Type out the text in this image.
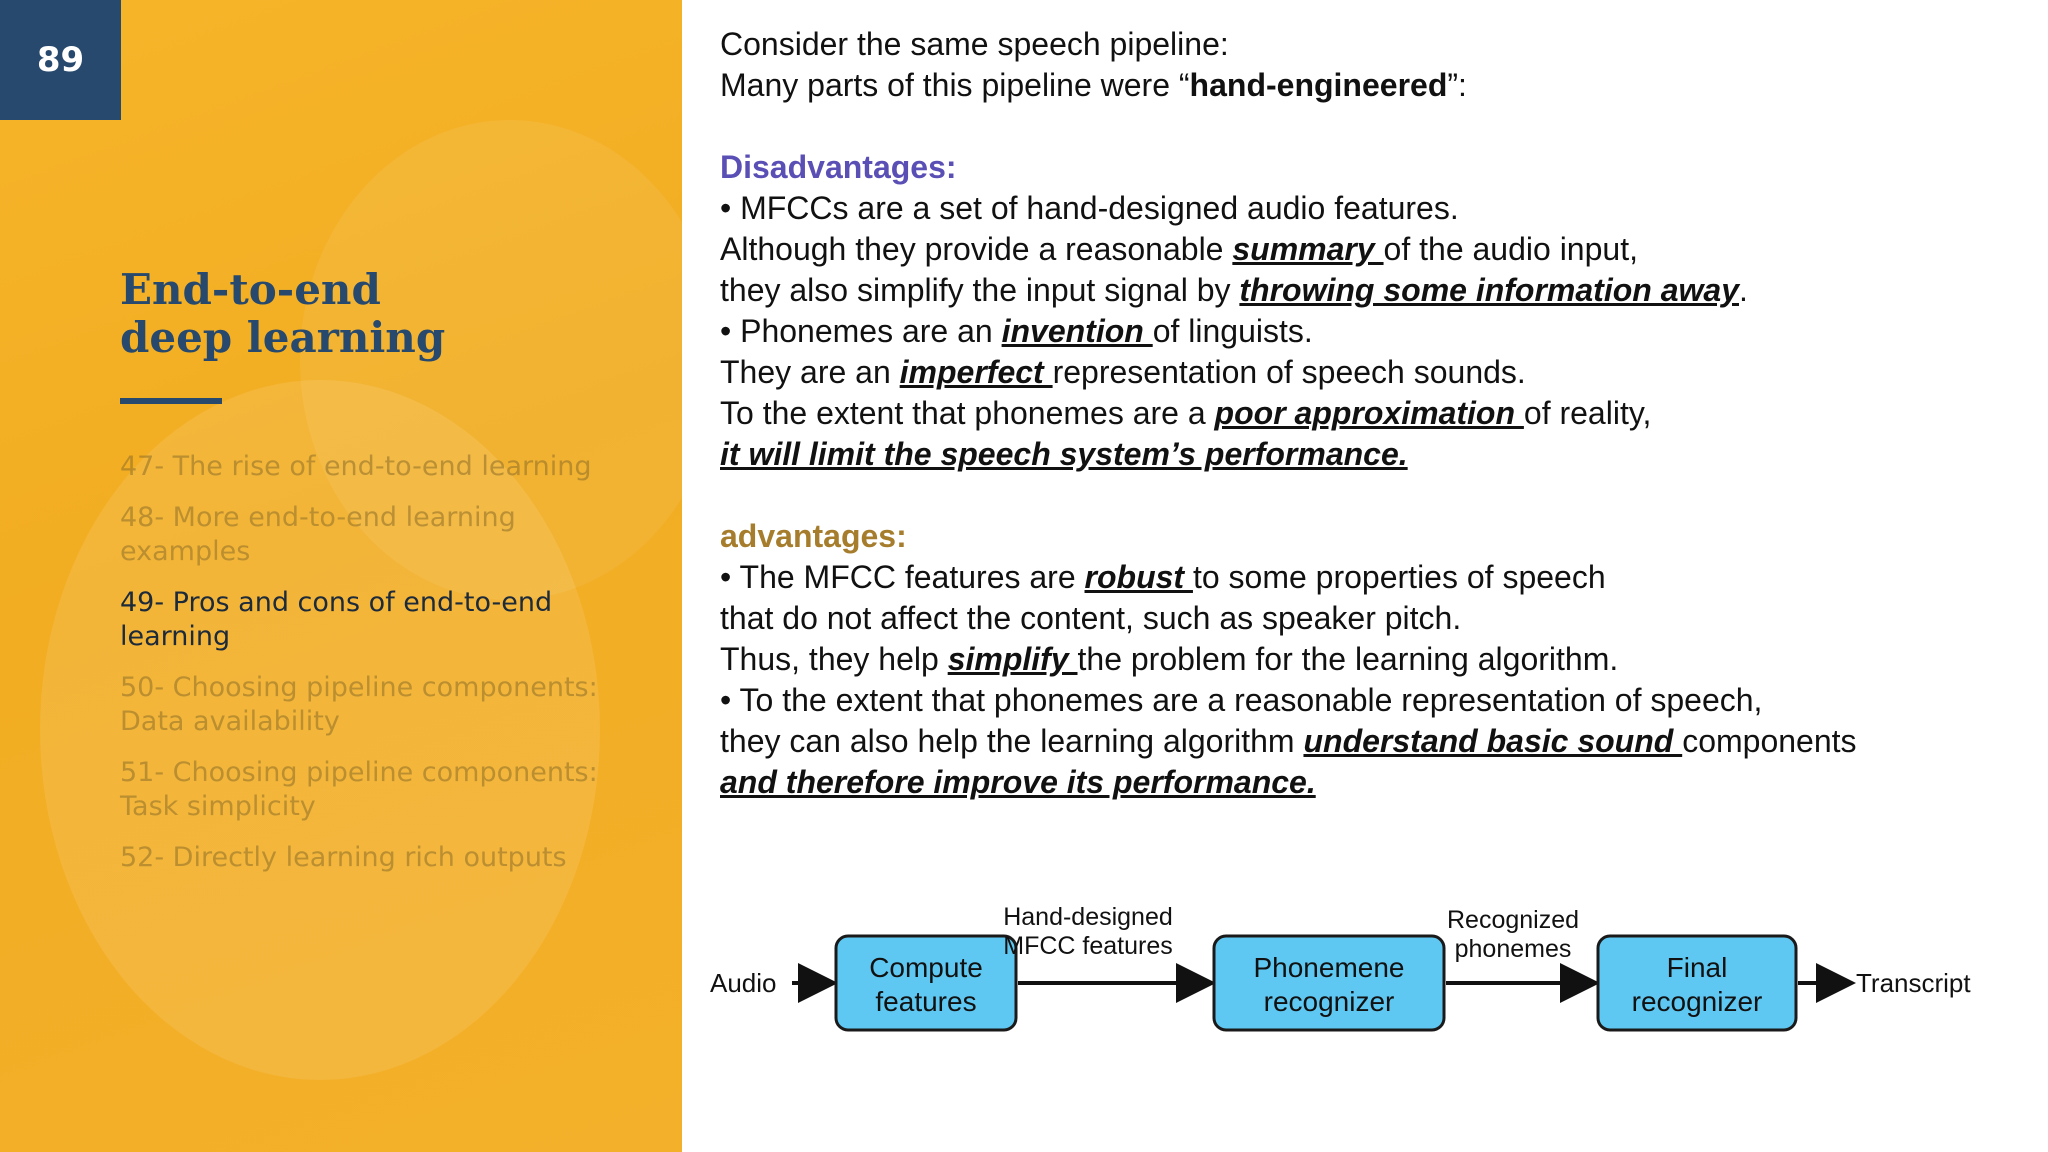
89
End-to-end
deep learning
47- The rise of end-to-end learning
48- More end-to-end learning examples
49- Pros and cons of end-to-end learning
50- Choosing pipeline components: Data availability
51- Choosing pipeline components: Task simplicity
52- Directly learning rich outputs

Consider the same speech pipeline:

Many parts of this pipeline were “hand-engineered”:

Disadvantages:

• MFCCs are a set of hand-designed audio features.

Although they provide a reasonable summary of the audio input,

they also simplify the input signal by throwing some information away.

• Phonemes are an invention of linguists.

They are an imperfect representation of speech sounds.

To the extent that phonemes are a poor approximation of reality,

it will limit the speech system’s performance.

advantages:

• The MFCC features are robust to some properties of speech

that do not affect the content, such as speaker pitch.

Thus, they help simplify the problem for the learning algorithm.

• To the extent that phonemes are a reasonable representation of speech,

they can also help the learning algorithm understand basic sound components

and therefore improve its performance.

Audio	Compute
features
Hand-designed
MFCC features
Phonemene
recognizer
Recognized
phonemes
Final
recognizer
Transcript
